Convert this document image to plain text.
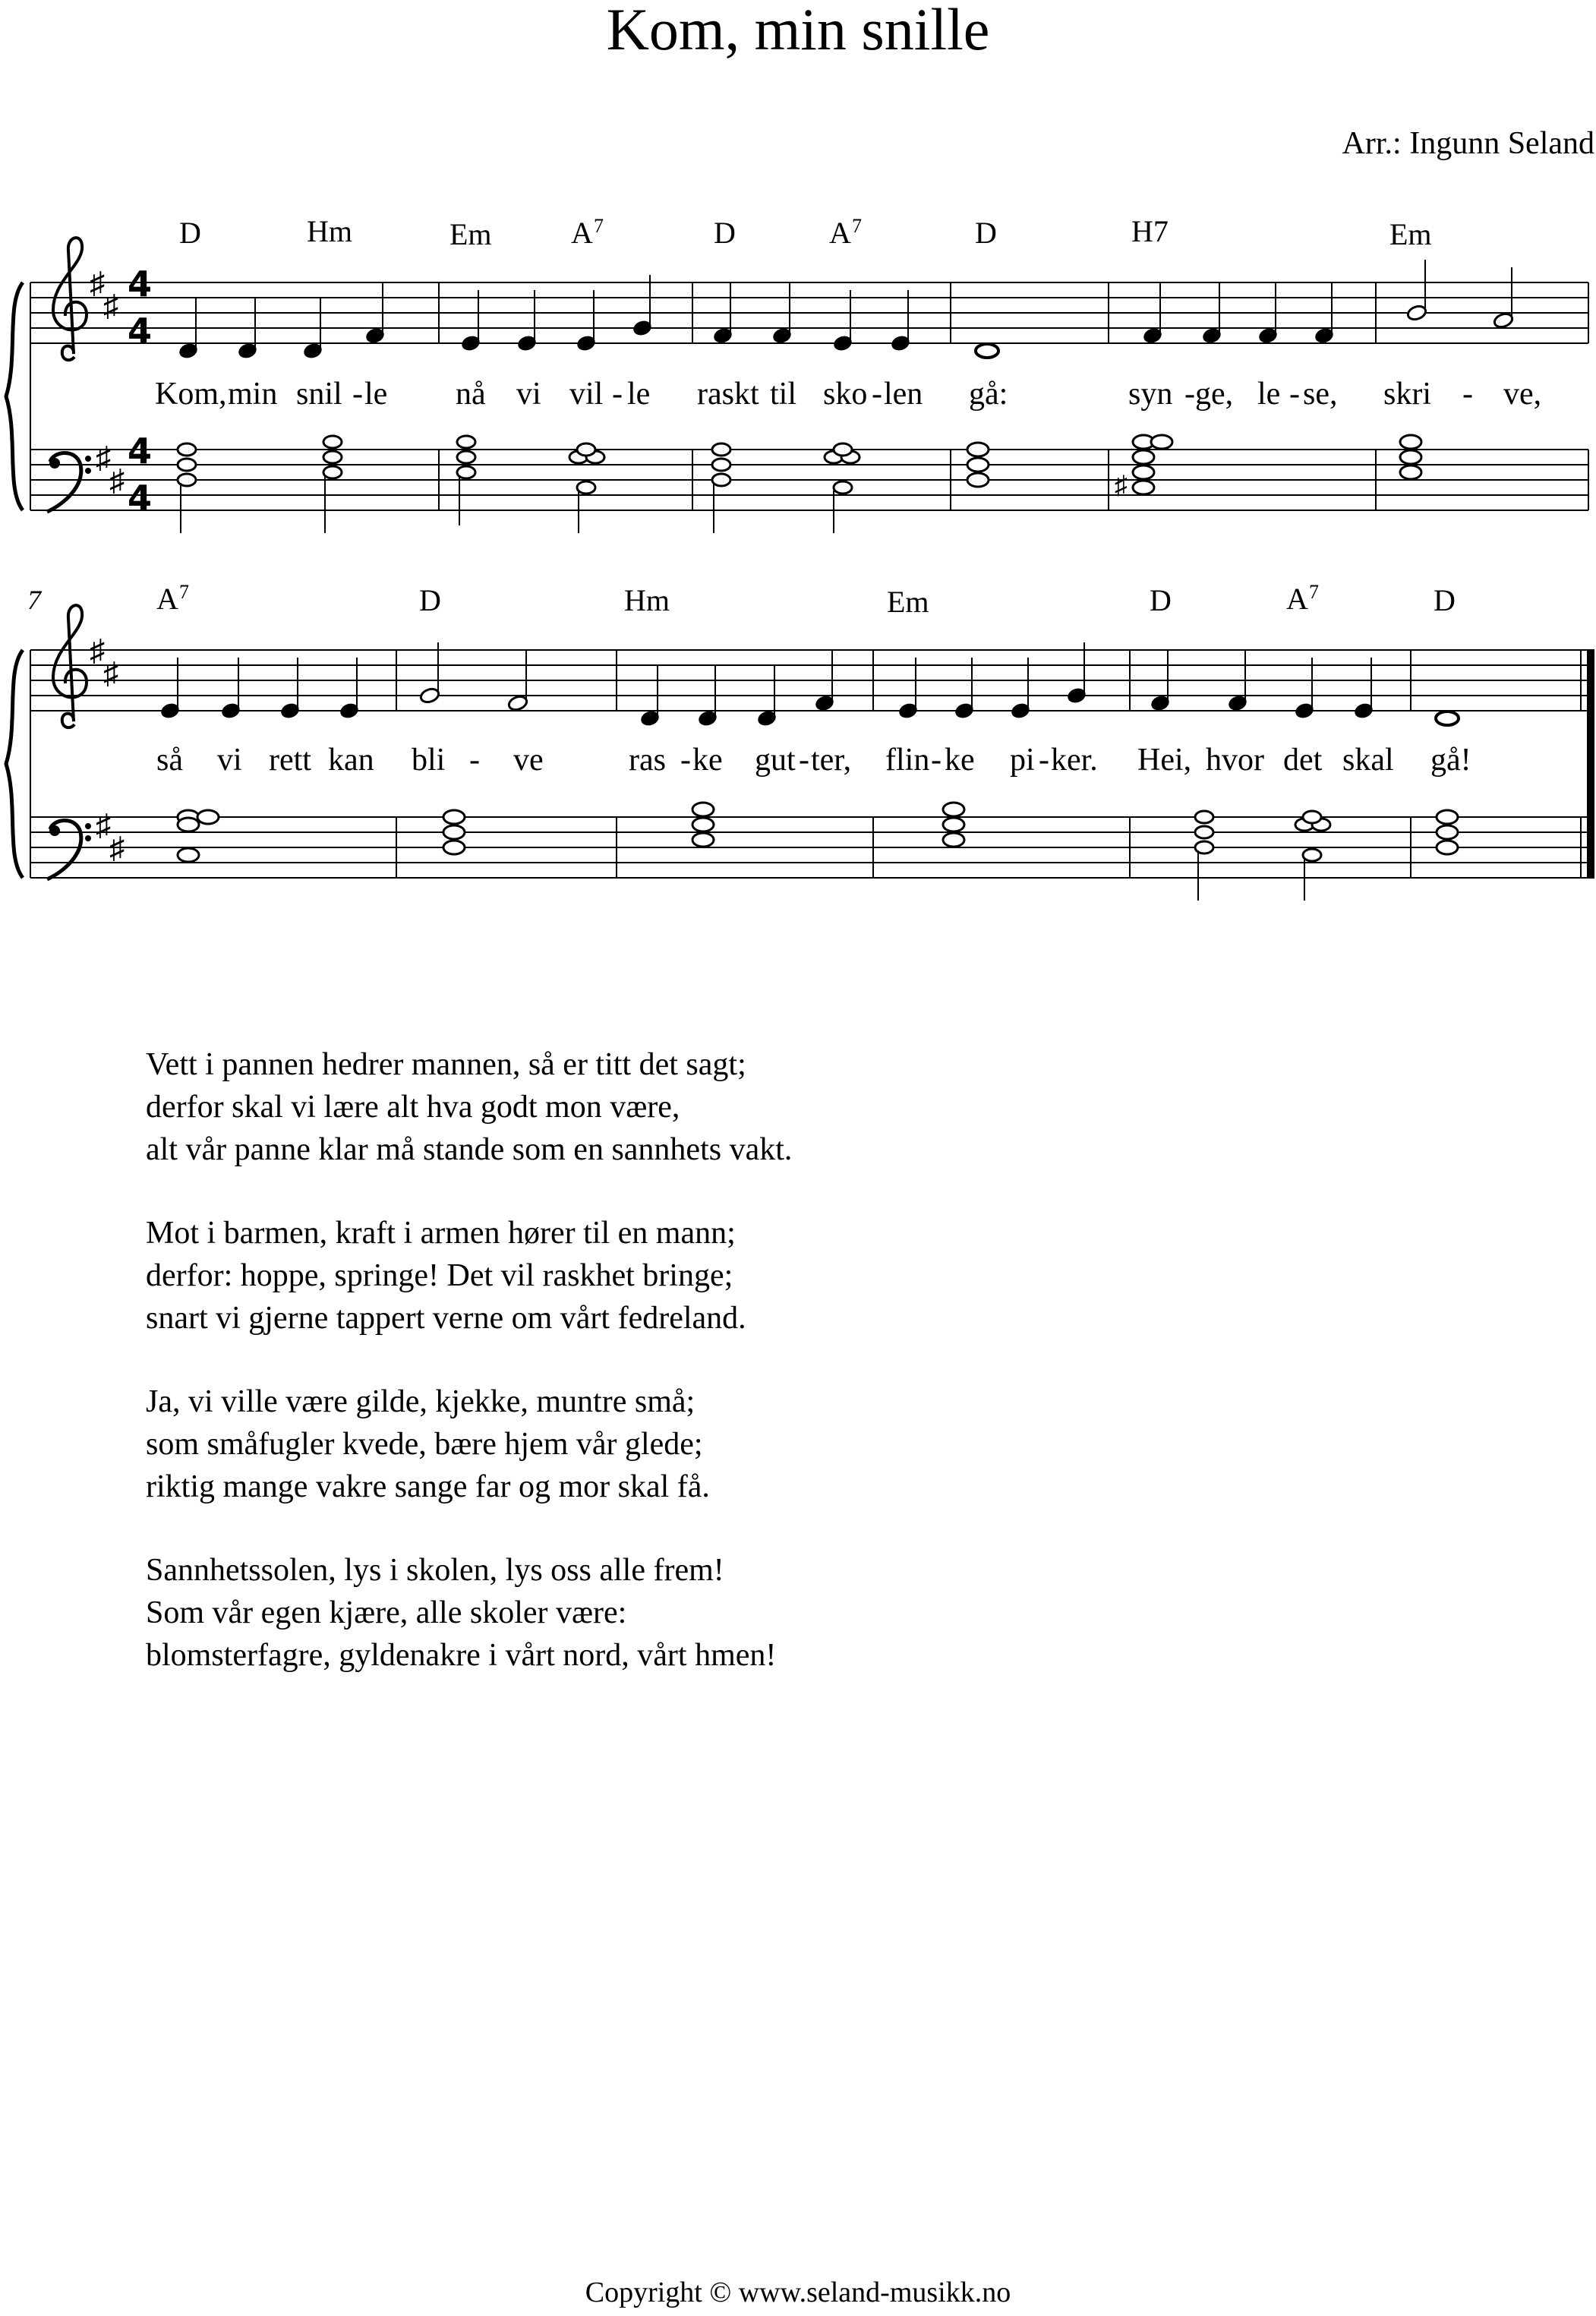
Kom, min snille
Arr.: Ingunn Seland
♯
♯
♯
♯
4
4
4
4	♯
D	Hm	Em	A 7	D	A 7	D	H7	Em
Kom, min snil - le nå vi vil - le raskt til sko - len gå:	syn - ge, le - se, skri - ve,
7
♯
♯
♯
♯
A 7	D	Hm	Em	D	A 7	D
så vi rett kan bli - ve	ras - ke gut - ter, flin - ke pi - ker. Hei, hvor det skal gå!
Vett i pannen hedrer mannen, så er titt det sagt;
derfor skal vi lære alt hva godt mon være,
alt vår panne klar må stande som en sannhets vakt.
Mot i barmen, kraft i armen hører til en mann;
derfor: hoppe, springe! Det vil raskhet bringe;
snart vi gjerne tappert verne om vårt fedreland.
Ja, vi ville være gilde, kjekke, muntre små;
som småfugler kvede, bære hjem vår glede;
riktig mange vakre sange far og mor skal få.
Sannhetssolen, lys i skolen, lys oss alle frem!
Som vår egen kjære, alle skoler være:
blomsterfagre, gyldenakre i vårt nord, vårt hmen!
Copyright © www.seland-musikk.no
